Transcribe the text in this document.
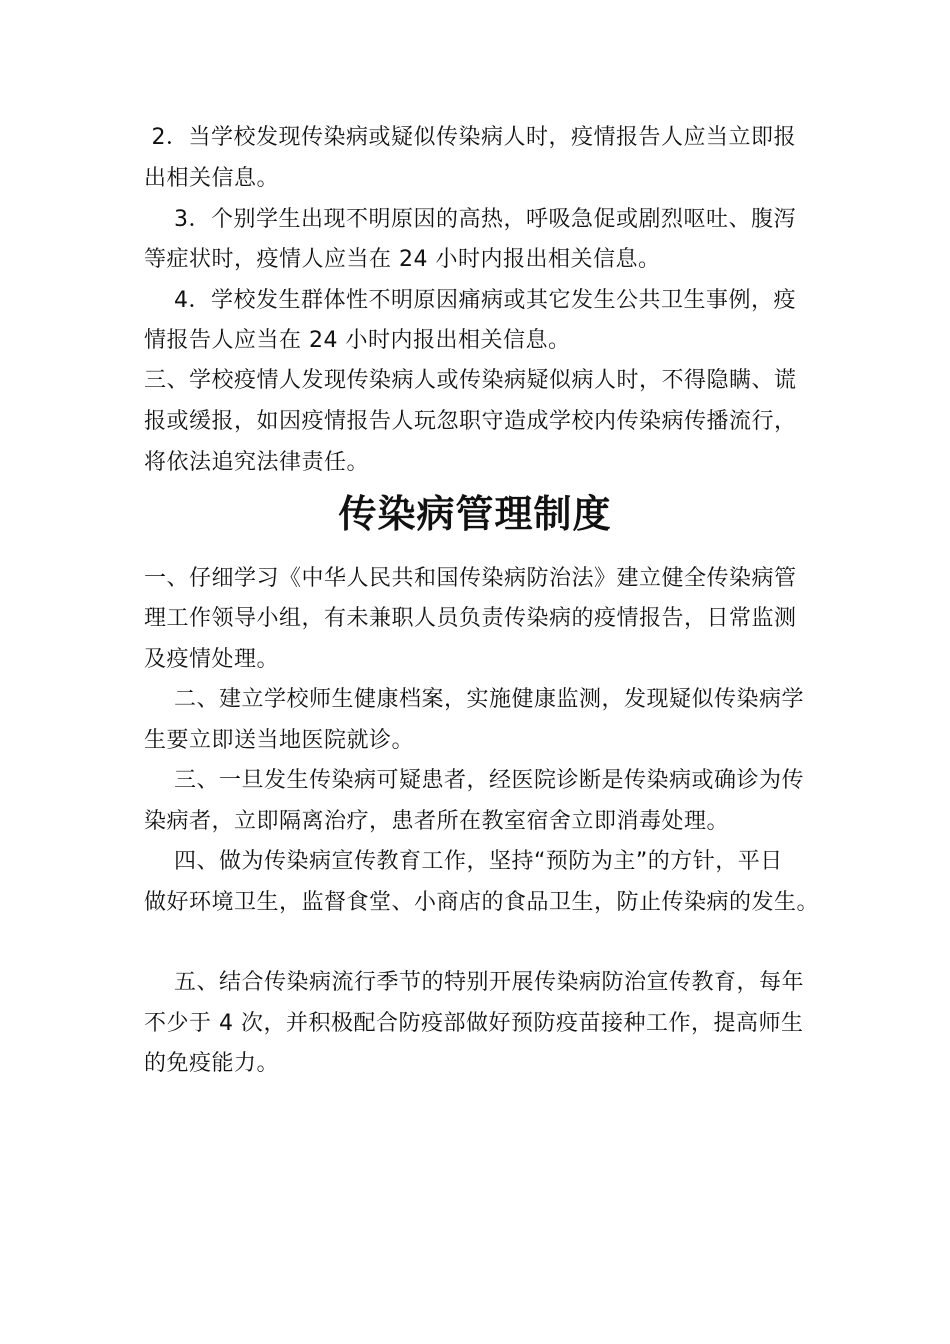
2．当学校发现传染病或疑似传染病人时，疫情报告人应当立即报
出相关信息。
3．个别学生出现不明原因的高热，呼吸急促或剧烈呕吐、腹泻
等症状时，疫情人应当在 24 小时内报出相关信息。
4．学校发生群体性不明原因痛病或其它发生公共卫生事例，疫
情报告人应当在 24 小时内报出相关信息。
三、学校疫情人发现传染病人或传染病疑似病人时，不得隐瞒、谎
报或缓报，如因疫情报告人玩忽职守造成学校内传染病传播流行，
将依法追究法律责任。
传染病管理制度
一、仔细学习《中华人民共和国传染病防治法》建立健全传染病管
理工作领导小组，有未兼职人员负责传染病的疫情报告，日常监测
及疫情处理。
二、建立学校师生健康档案，实施健康监测，发现疑似传染病学
生要立即送当地医院就诊。
三、一旦发生传染病可疑患者，经医院诊断是传染病或确诊为传
染病者，立即隔离治疗，患者所在教室宿舍立即消毒处理。
四、做为传染病宣传教育工作，坚持“预防为主”的方针，平日
做好环境卫生，监督食堂、小商店的食品卫生，防止传染病的发生。
五、结合传染病流行季节的特别开展传染病防治宣传教育，每年
不少于 4 次，并积极配合防疫部做好预防疫苗接种工作，提高师生
的免疫能力。
